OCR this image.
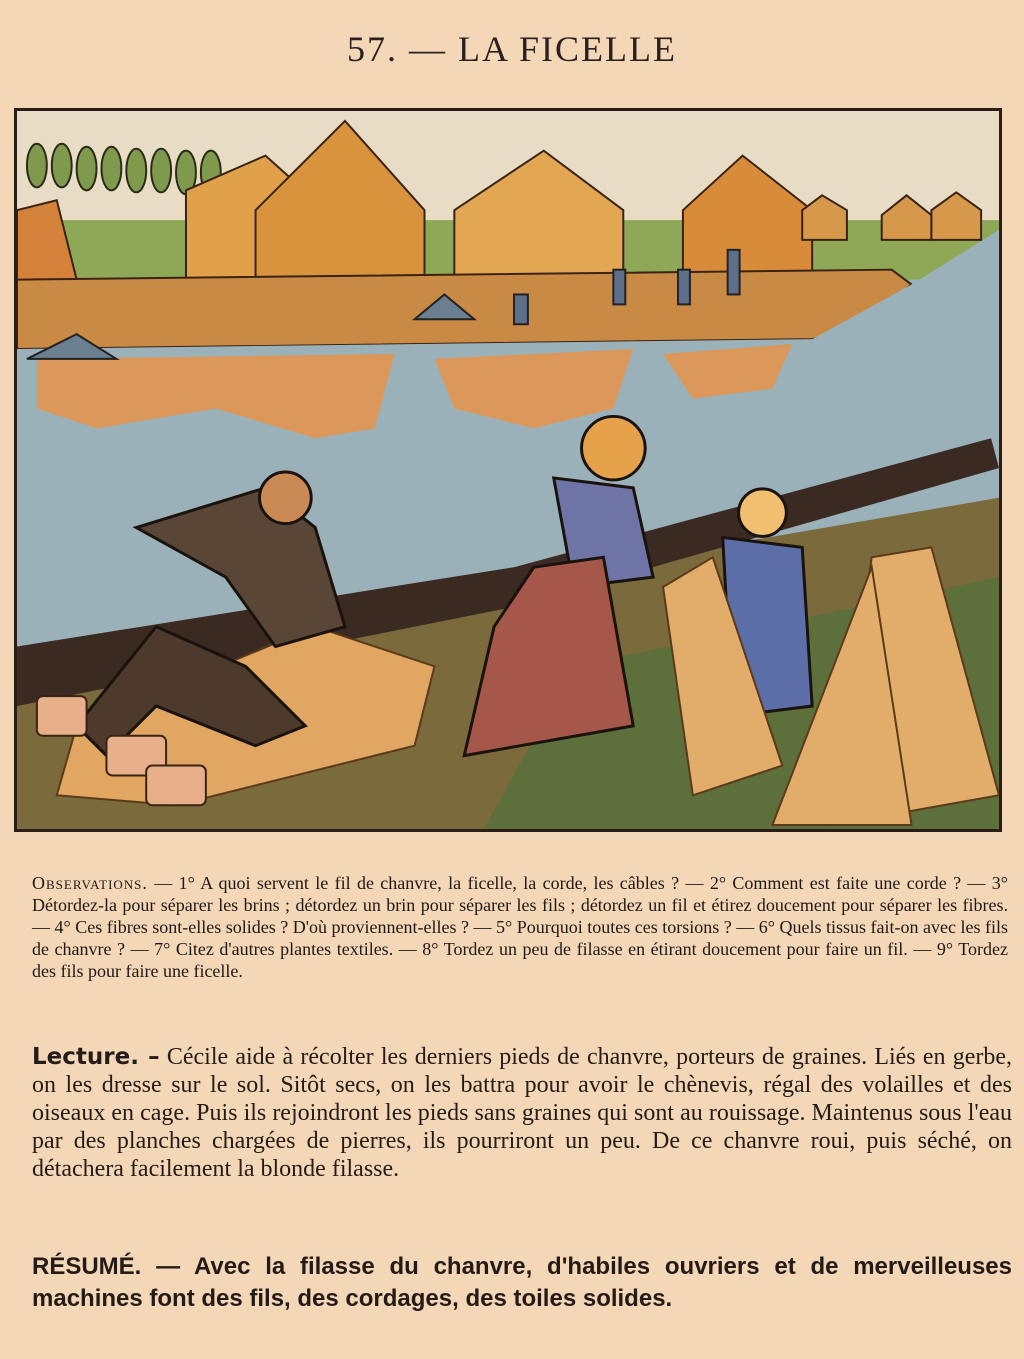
57. — LA FICELLE
Observations. — 1° A quoi servent le fil de chanvre, la ficelle, la corde, les câbles ? — 2° Comment est faite une corde ? — 3° Détordez-la pour séparer les brins ; détordez un brin pour séparer les fils ; détordez un fil et étirez doucement pour séparer les fibres. — 4° Ces fibres sont-elles solides ? D'où proviennent-elles ? — 5° Pourquoi toutes ces torsions ? — 6° Quels tissus fait-on avec les fils de chanvre ? — 7° Citez d'autres plantes textiles. — 8° Tordez un peu de filasse en étirant doucement pour faire un fil. — 9° Tordez des fils pour faire une ficelle.
Lecture. – Cécile aide à récolter les derniers pieds de chanvre, porteurs de graines. Liés en gerbe, on les dresse sur le sol. Sitôt secs, on les battra pour avoir le chènevis, régal des volailles et des oiseaux en cage. Puis ils rejoindront les pieds sans graines qui sont au rouissage. Maintenus sous l'eau par des planches chargées de pierres, ils pourriront un peu. De ce chanvre roui, puis séché, on détachera facilement la blonde filasse.
RÉSUMÉ. — Avec la filasse du chanvre, d'habiles ouvriers et de merveilleuses machines font des fils, des cordages, des toiles solides.
